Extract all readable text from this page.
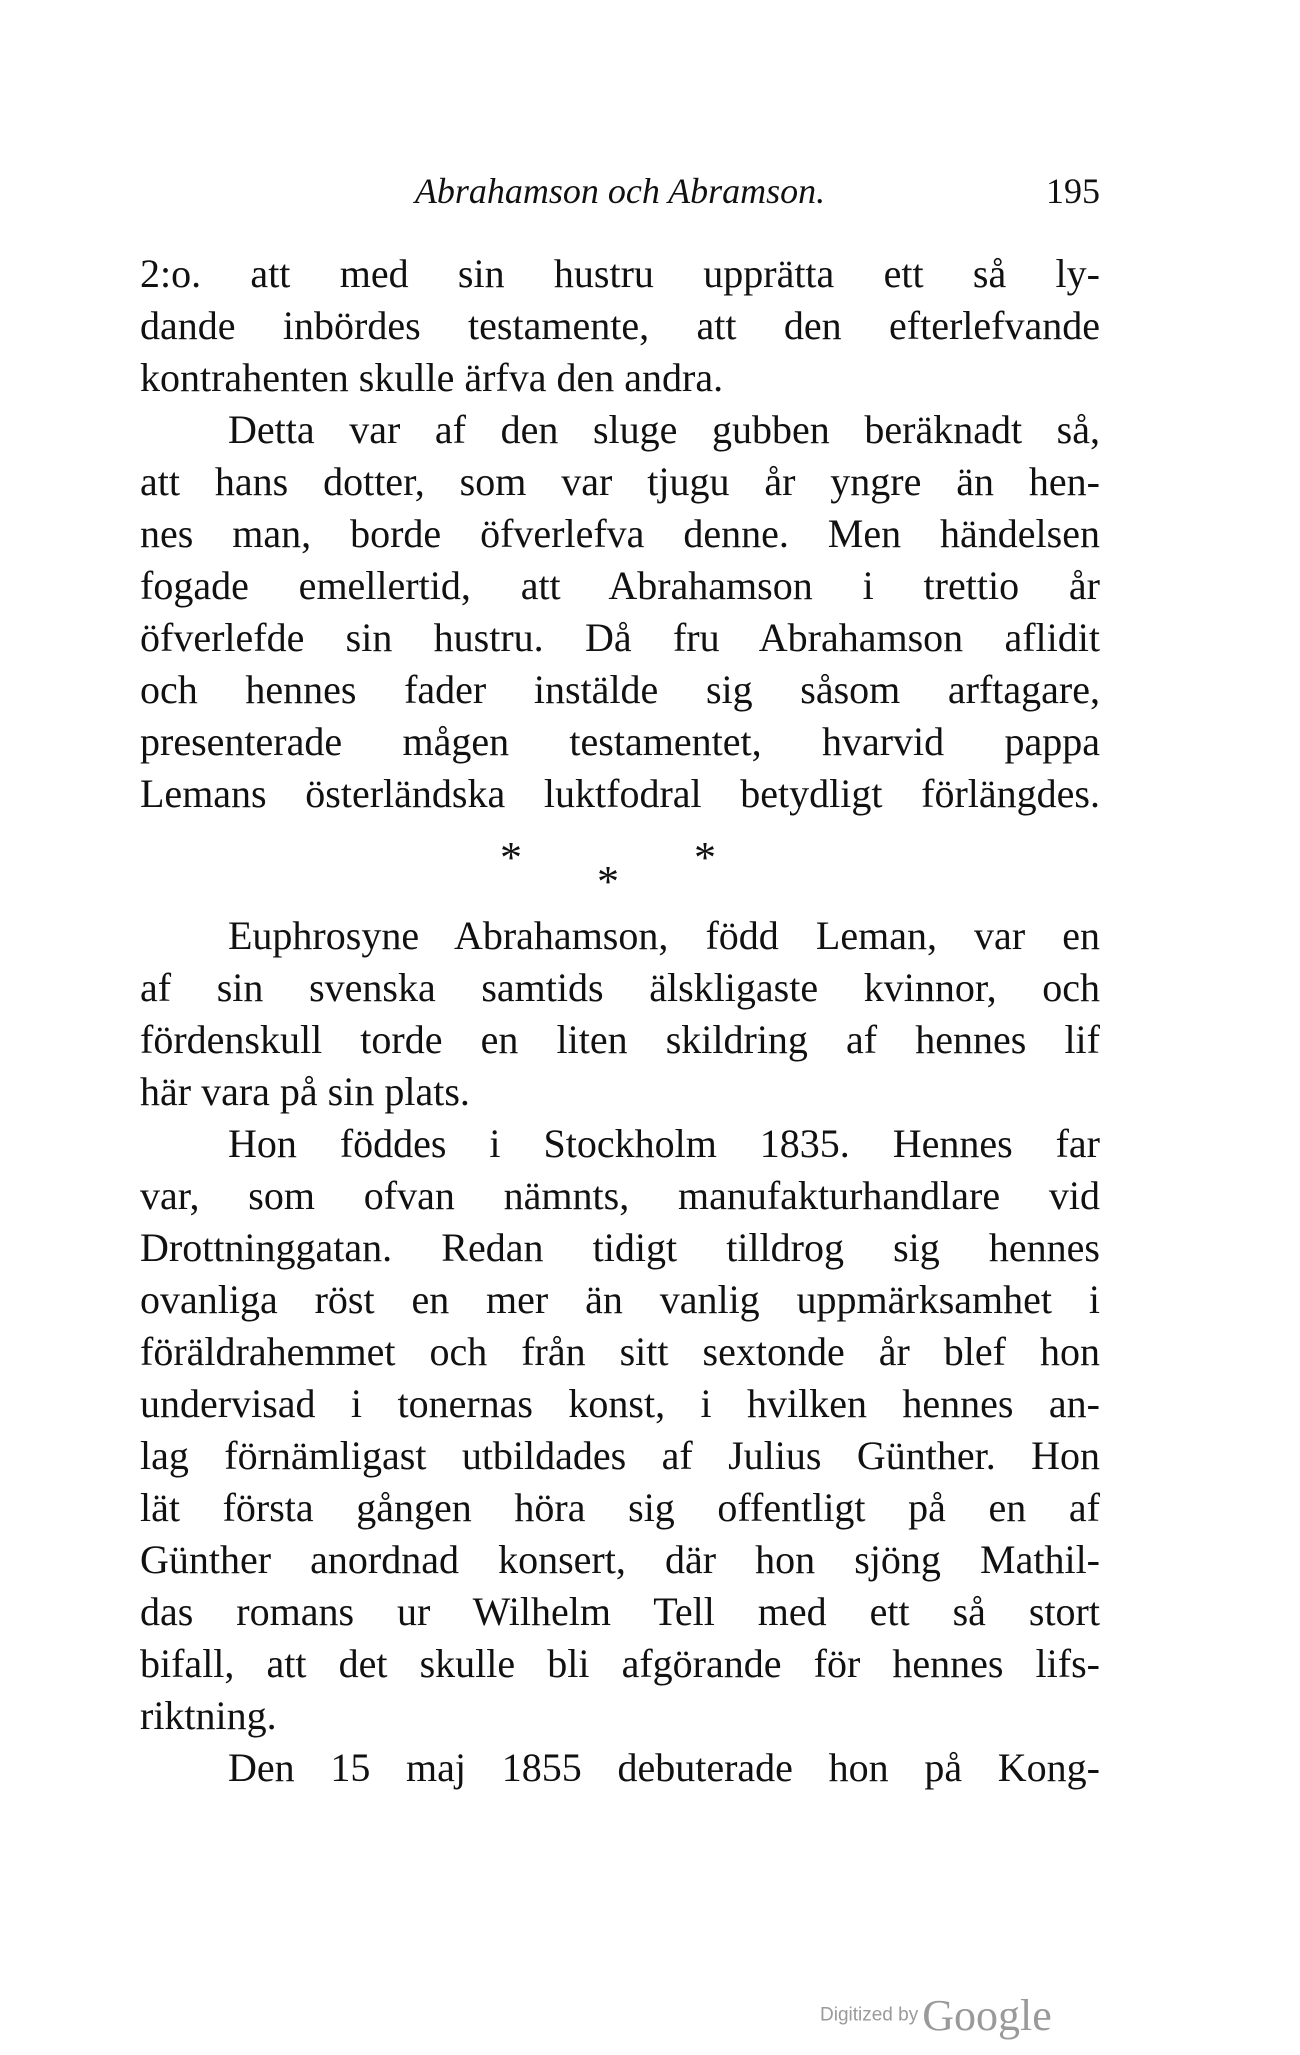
Abrahamson och Abramson.	195
2:o. att med sin hustru upprätta ett så ly-
dande inbördes testamente, att den efterlefvande
kontrahenten skulle ärfva den andra.
Detta var af den sluge gubben beräknadt så,
att hans dotter, som var tjugu år yngre än hen-
nes man, borde öfverlefva denne. Men händelsen
fogade emellertid, att Abrahamson i trettio år
öfverlefde sin hustru. Då fru Abrahamson aflidit
och hennes fader instälde sig såsom arftagare,
presenterade mågen testamentet, hvarvid pappa
Lemans österländska luktfodral betydligt förlängdes.
* * *
Euphrosyne Abrahamson, född Leman, var en
af sin svenska samtids älskligaste kvinnor, och
fördenskull torde en liten skildring af hennes lif
här vara på sin plats.
Hon föddes i Stockholm 1835. Hennes far
var, som ofvan nämnts, manufakturhandlare vid
Drottninggatan. Redan tidigt tilldrog sig hennes
ovanliga röst en mer än vanlig uppmärksamhet i
föräldrahemmet och från sitt sextonde år blef hon
undervisad i tonernas konst, i hvilken hennes an-
lag förnämligast utbildades af Julius Günther. Hon
lät första gången höra sig offentligt på en af
Günther anordnad konsert, där hon sjöng Mathil-
das romans ur Wilhelm Tell med ett så stort
bifall, att det skulle bli afgörande för hennes lifs-
riktning.
Den 15 maj 1855 debuterade hon på Kong-
Digitized by Google
